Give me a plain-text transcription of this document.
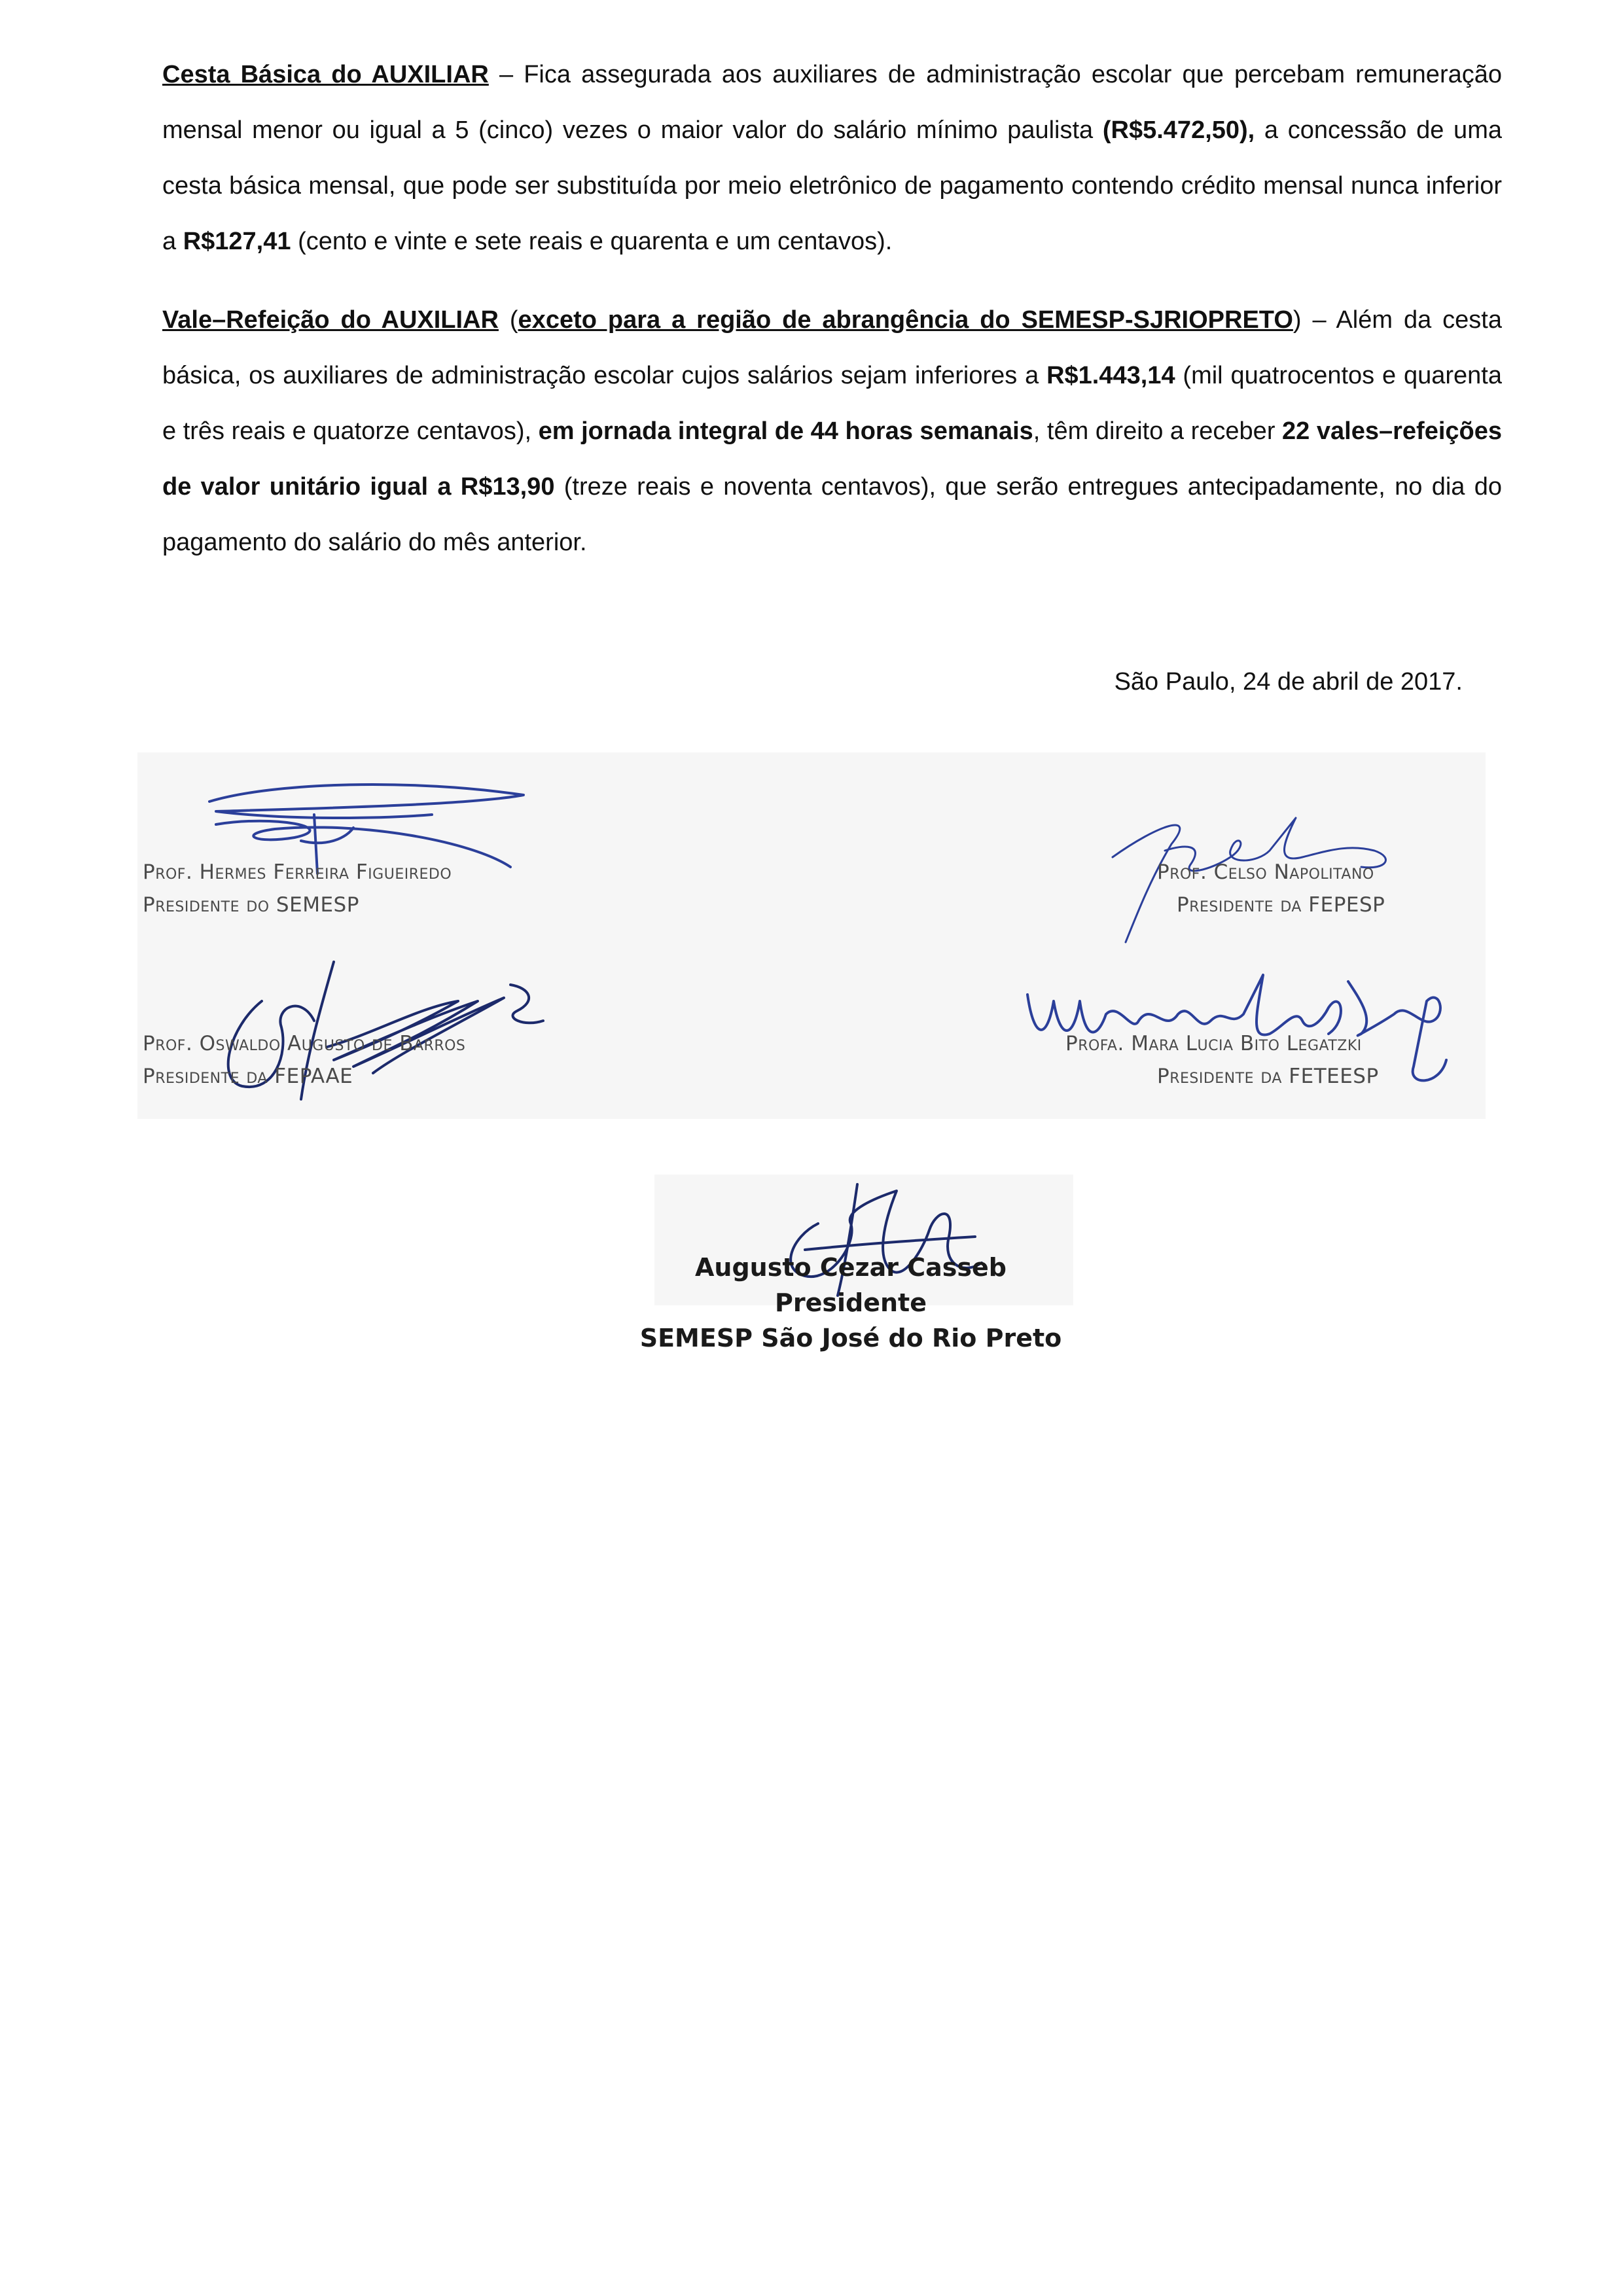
Cesta Básica do AUXILIAR – Fica assegurada aos auxiliares de administração escolar que percebam remuneração mensal menor ou igual a 5 (cinco) vezes o maior valor do salário mínimo paulista (R$5.472,50), a concessão de uma cesta básica mensal, que pode ser substituída por meio eletrônico de pagamento contendo crédito mensal nunca inferior a R$127,41 (cento e vinte e sete reais e quarenta e um centavos).

Vale–Refeição do AUXILIAR (exceto para a região de abrangência do SEMESP-SJRIOPRETO) – Além da cesta básica, os auxiliares de administração escolar cujos salários sejam inferiores a R$1.443,14 (mil quatrocentos e quarenta e três reais e quatorze centavos), em jornada integral de 44 horas semanais, têm direito a receber 22 vales–refeições de valor unitário igual a R$13,90 (treze reais e noventa centavos), que serão entregues antecipadamente, no dia do pagamento do salário do mês anterior.

São Paulo, 24 de abril de 2017.
Prof. Hermes Ferreira Figueiredo
Presidente do SEMESP
Prof. Celso Napolitano
Presidente da FEPESP
Prof. Oswaldo Augusto de Barros
Presidente da FEPAAE
Profa. Mara Lucia Bito Legatzki
Presidente da FETEESP
Augusto Cezar Casseb
Presidente
SEMESP São José do Rio Preto
